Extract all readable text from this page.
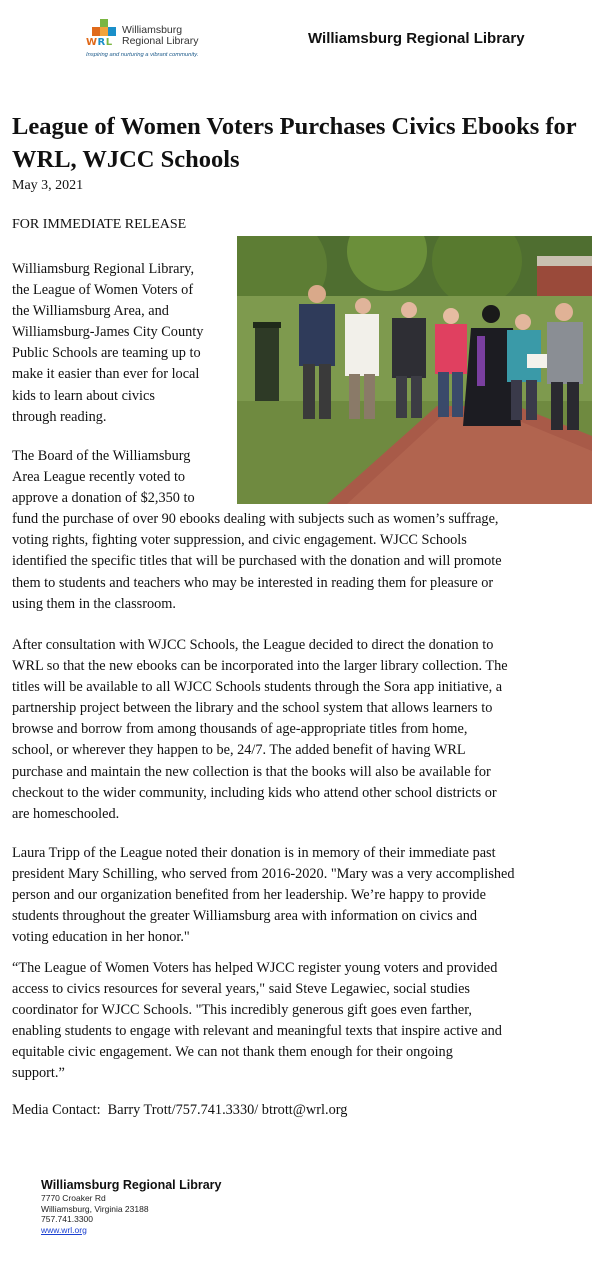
WRL
Williamsburg
Regional Library
Inspiring and nurturing a vibrant community.
Williamsburg Regional Library
League of Women Voters Purchases Civics Ebooks for WRL, WJCC Schools
May 3, 2021
FOR IMMEDIATE RELEASE
Williamsburg Regional Library,
the League of Women Voters of
the Williamsburg Area, and
Williamsburg-James City County
Public Schools are teaming up to
make it easier than ever for local
kids to learn about civics
through reading.
The Board of the Williamsburg
Area League recently voted to
approve a donation of $2,350 to
fund the purchase of over 90 ebooks dealing with subjects such as women’s suffrage,
voting rights, fighting voter suppression, and civic engagement. WJCC Schools
identified the specific titles that will be purchased with the donation and will promote
them to students and teachers who may be interested in reading them for pleasure or
using them in the classroom.
After consultation with WJCC Schools, the League decided to direct the donation to
WRL so that the new ebooks can be incorporated into the larger library collection. The
titles will be available to all WJCC Schools students through the Sora app initiative, a
partnership project between the library and the school system that allows learners to
browse and borrow from among thousands of age-appropriate titles from home,
school, or wherever they happen to be, 24/7. The added benefit of having WRL
purchase and maintain the new collection is that the books will also be available for
checkout to the wider community, including kids who attend other school districts or
are homeschooled.
Laura Tripp of the League noted their donation is in memory of their immediate past
president Mary Schilling, who served from 2016-2020. "Mary was a very accomplished
person and our organization benefited from her leadership. We’re happy to provide
students throughout the greater Williamsburg area with information on civics and
voting education in her honor."
“The League of Women Voters has helped WJCC register young voters and provided
access to civics resources for several years," said Steve Legawiec, social studies
coordinator for WJCC Schools. "This incredibly generous gift goes even farther,
enabling students to engage with relevant and meaningful texts that inspire active and
equitable civic engagement. We can not thank them enough for their ongoing
support.”
Media Contact:  Barry Trott/757.741.3330/ btrott@wrl.org
Williamsburg Regional Library
7770 Croaker Rd
Williamsburg, Virginia 23188
757.741.3300
www.wrl.org
